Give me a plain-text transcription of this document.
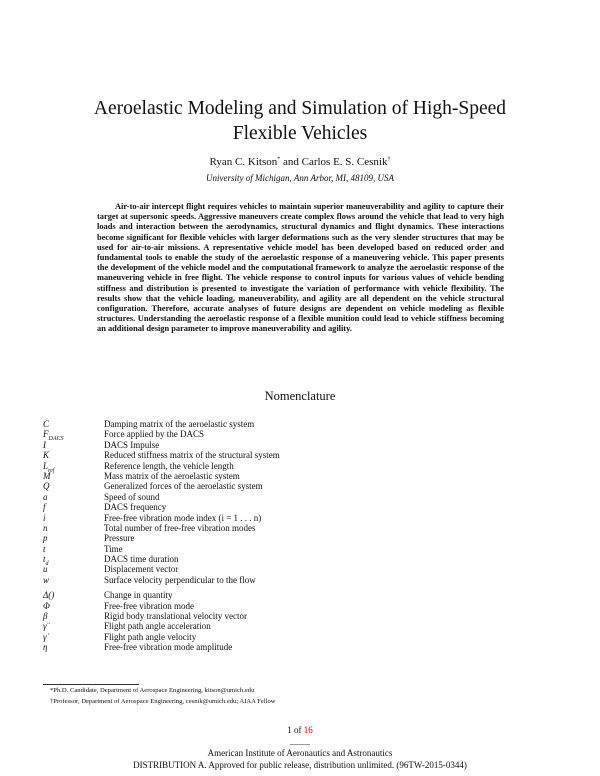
Aeroelastic Modeling and Simulation of High-Speed
Flexible Vehicles
Ryan C. Kitson* and Carlos E. S. Cesnik†
University of Michigan, Ann Arbor, MI, 48109, USA

Air-to-air intercept flight requires vehicles to maintain superior maneuverability and agility to capture their target at supersonic speeds. Aggressive maneuvers create complex flows around the vehicle that lead to very high loads and interaction between the aerodynamics, structural dynamics and flight dynamics. These interactions become significant for flexible vehicles with larger deformations such as the very slender structures that may be used for air-to-air missions. A representative vehicle model has been developed based on reduced order and fundamental tools to enable the study of the aeroelastic response of a maneuvering vehicle. This paper presents the development of the vehicle model and the computational framework to analyze the aeroelastic response of the maneuvering vehicle in free flight. The vehicle response to control inputs for various values of vehicle bending stiffness and distribution is presented to investigate the variation of performance with vehicle flexibility. The results show that the vehicle loading, maneuverability, and agility are all dependent on the vehicle structural configuration. Therefore, accurate analyses of future designs are dependent on vehicle modeling as flexible structures. Understanding the aeroelastic response of a flexible munition could lead to vehicle stiffness becoming an additional design parameter to improve maneuverability and agility.

Nomenclature
C	Damping matrix of the aeroelastic system
$F_{DACS}$	Force applied by the DACS
I	DACS Impulse
K	Reduced stiffness matrix of the structural system
$L_{ref}$	Reference length, the vehicle length
M	Mass matrix of the aeroelastic system
Q	Generalized forces of the aeroelastic system
a	Speed of sound
f	DACS frequency
i	Free-free vibration mode index (i = 1 . . . n)
n	Total number of free-free vibration modes
p	Pressure
t	Time
$t_d$	DACS time duration
u	Displacement vector
w	Surface velocity perpendicular to the flow
Δ()	Change in quantity
Φ	Free-free vibration mode
β	Rigid body translational velocity vector
γ̈	Flight path angle acceleration
γ̇	Flight path angle velocity
η	Free-free vibration mode amplitude
*Ph.D. Candidate, Department of Aerospace Engineering, kitson@umich.edu
†Professor, Department of Aerospace Engineering, cesnik@umich.edu; AIAA Fellow
1 of 16
American Institute of Aeronautics and Astronautics
DISTRIBUTION A. Approved for public release, distribution unlimited. (96TW-2015-0344)
